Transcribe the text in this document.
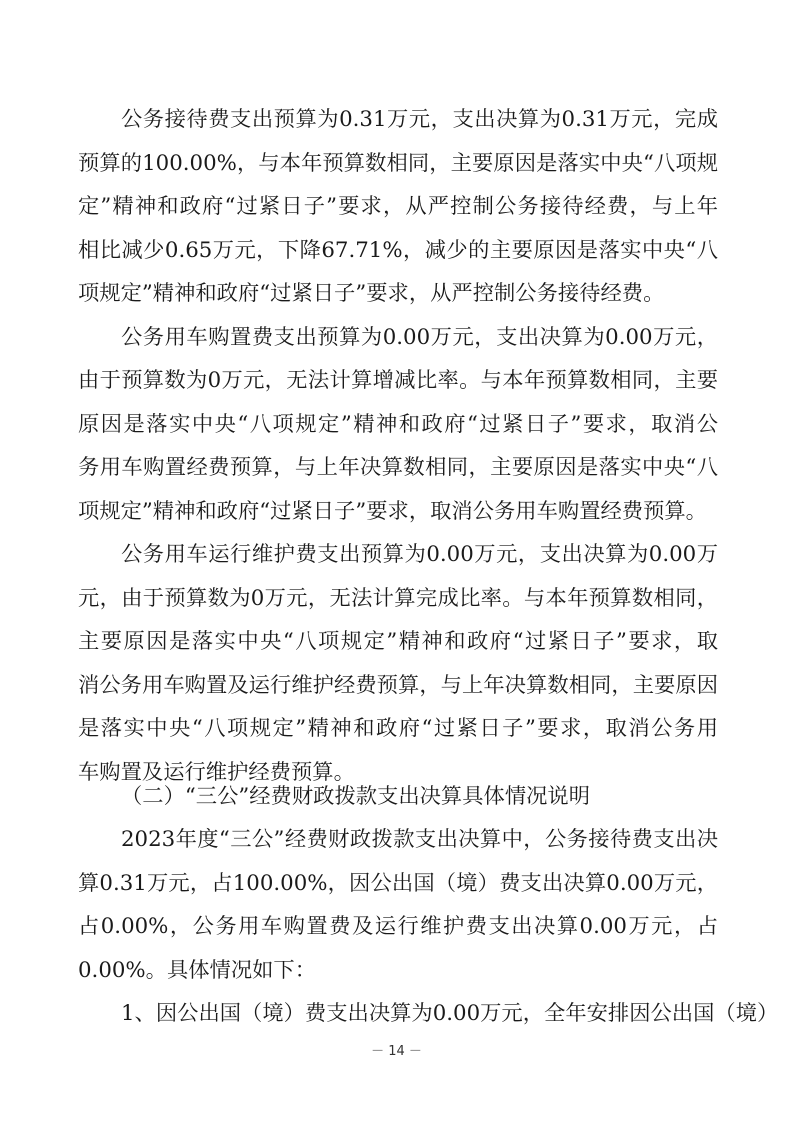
公务接待费支出预算为0.31万元，支出决算为0.31万元，完成
预算的100.00%，与本年预算数相同，主要原因是落实中央“八项规
定”精神和政府“过紧日子”要求，从严控制公务接待经费，与上年
相比减少0.65万元，下降67.71%，减少的主要原因是落实中央“八
项规定”精神和政府“过紧日子”要求，从严控制公务接待经费。
公务用车购置费支出预算为0.00万元，支出决算为0.00万元，
由于预算数为0万元，无法计算增减比率。与本年预算数相同，主要
原因是落实中央“八项规定”精神和政府“过紧日子”要求，取消公
务用车购置经费预算，与上年决算数相同，主要原因是落实中央“八
项规定”精神和政府“过紧日子”要求，取消公务用车购置经费预算。
公务用车运行维护费支出预算为0.00万元，支出决算为0.00万
元，由于预算数为0万元，无法计算完成比率。与本年预算数相同，
主要原因是落实中央“八项规定”精神和政府“过紧日子”要求，取
消公务用车购置及运行维护经费预算，与上年决算数相同，主要原因
是落实中央“八项规定”精神和政府“过紧日子”要求，取消公务用
车购置及运行维护经费预算。
（二）“三公”经费财政拨款支出决算具体情况说明
2023年度“三公”经费财政拨款支出决算中，公务接待费支出决
算0.31万元，占100.00%，因公出国（境）费支出决算0.00万元，
占0.00%，公务用车购置费及运行维护费支出决算0.00万元，占
0.00%。具体情况如下：
1、因公出国（境）费支出决算为0.00万元，全年安排因公出国（境）
－ 14 －
